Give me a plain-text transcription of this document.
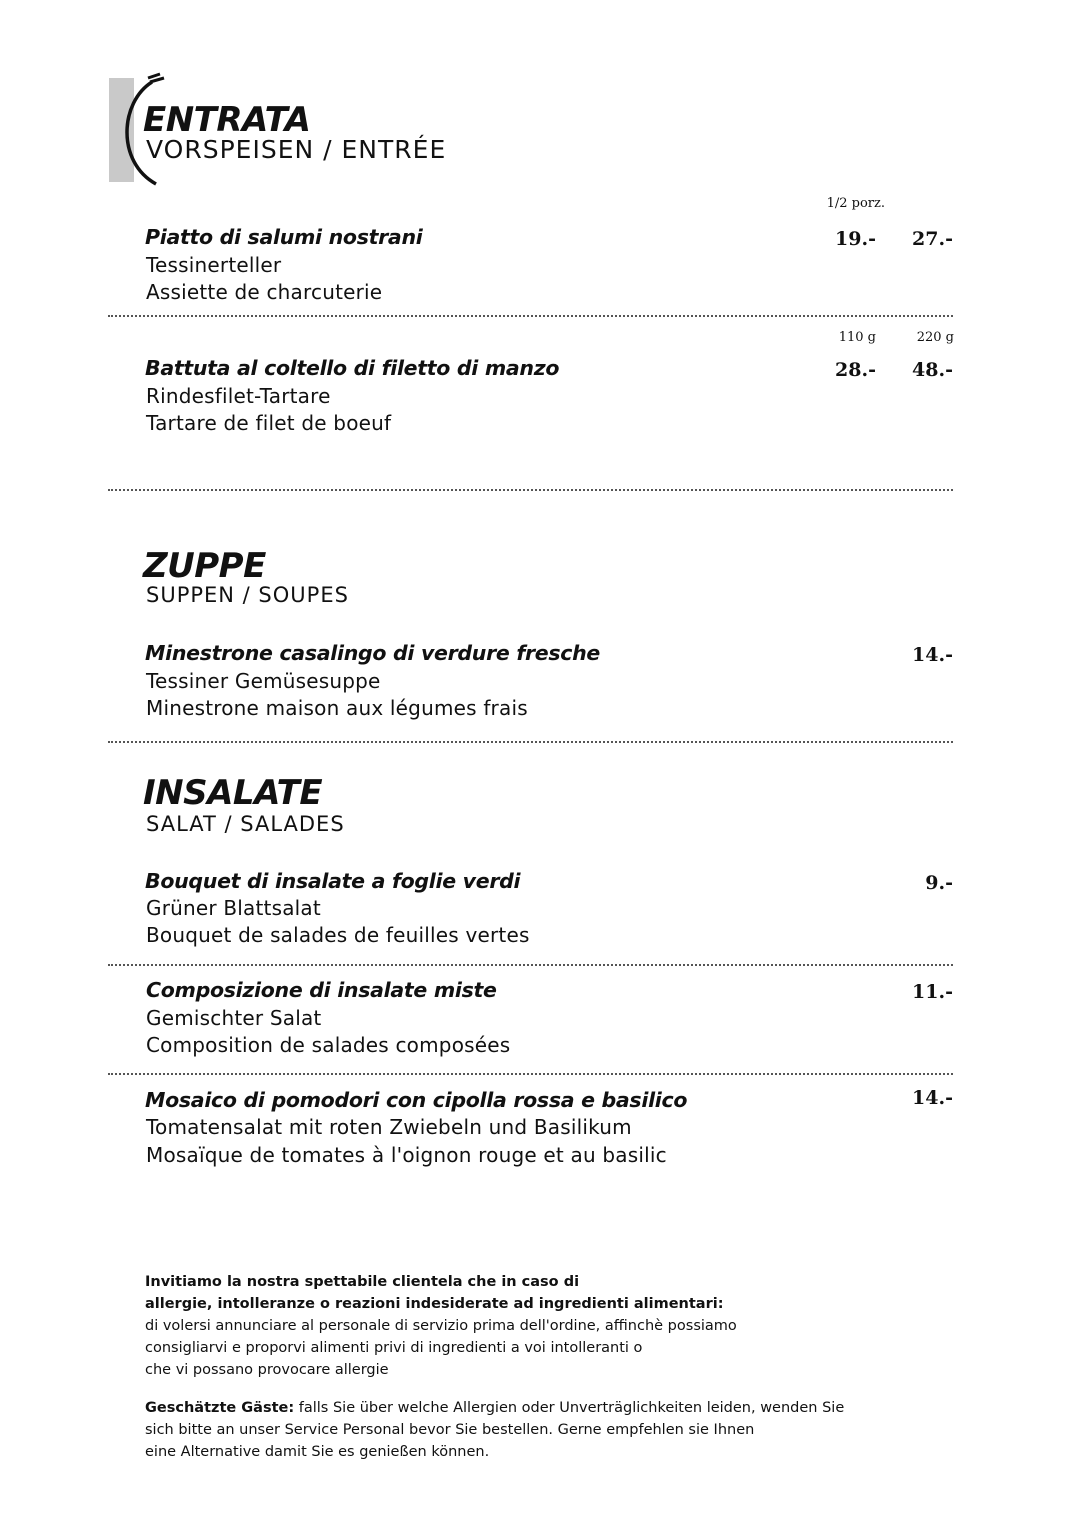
ENTRATA
VORSPEISEN / ENTRÉE
1/2 porz.
Piatto di salumi nostrani	19.-	27.-
Tessinerteller
Assiette de charcuterie
110 g	220 g
Battuta al coltello di filetto di manzo	28.-	48.-
Rindesfilet-Tartare
Tartare de filet de boeuf
ZUPPE
SUPPEN / SOUPES
Minestrone casalingo di verdure fresche	14.-
Tessiner Gemüsesuppe
Minestrone maison aux légumes frais
INSALATE
SALAT / SALADES
Bouquet di insalate a foglie verdi	9.-
Grüner Blattsalat
Bouquet de salades de feuilles vertes
Composizione di insalate miste	11.-
Gemischter Salat
Composition de salades composées
Mosaico di pomodori con cipolla rossa e basilico	14.-
Tomatensalat mit roten Zwiebeln und Basilikum
Mosaïque de tomates à l'oignon rouge et au basilic
Invitiamo la nostra spettabile clientela che in caso di
allergie, intolleranze o reazioni indesiderate ad ingredienti alimentari:
di volersi annunciare al personale di servizio prima dell'ordine, affinchè possiamo
consigliarvi e proporvi alimenti privi di ingredienti a voi intolleranti o
che vi possano provocare allergie
Geschätzte Gäste: falls Sie über welche Allergien oder Unverträglichkeiten leiden, wenden Sie
sich bitte an unser Service Personal bevor Sie bestellen. Gerne empfehlen sie Ihnen
eine Alternative damit Sie es genießen können.
